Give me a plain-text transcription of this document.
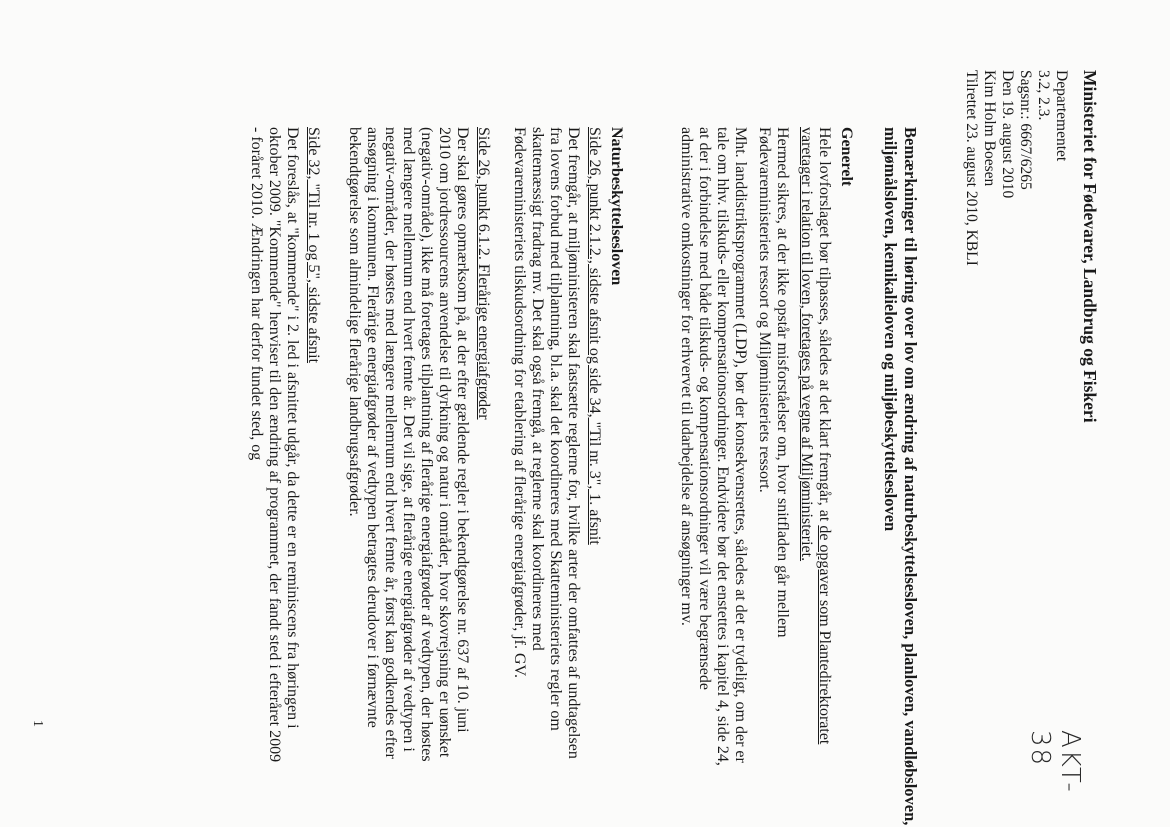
Ministeriet for Fødevarer, Landbrug og Fiskeri
Departementet
3.2, 2.3.
Sagsnr.: 6667/6265
Den 19. august 2010
Kim Holm Boesen
Tilrettet 23. august 2010, KBLI
Bemærkninger til høring over lov om ændring af naturbeskyttelsesloven, planloven, vandløbsloven, miljømålsloven, kemikalieloven og miljøbeskyttelsesloven
Generelt

Hele lovforslaget bør tilpasses, således at det klart fremgår, at de opgaver som Plantedirektoratet varetager i relation til loven, foretages på vegne af Miljøministeriet.

Hermed sikres, at der ikke opstår misforståelser om, hvor snitfladen går mellem Fødevareministeriets ressort og Miljøministeriets ressort.

Mht. landdistriktsprogrammet (LDP), bør der konsekvensrettes, således at det er tydeligt, om der er tale om hhv. tilskuds- eller kompensationsordninger. Endvidere bør det enstettes i kapitel 4, side 24, at der i forbindelse med både tilskuds- og kompensationsordninger vil være begrænsede administrative omkostninger for erhvervet til udarbejdelse af ansøgninger mv.

Naturbeskyttelsesloven
Side 26, punkt 2.1.2., sidste afsnit og side 34, "Til nr. 3", 1. afsnit

Det fremgår, at miljøministeren skal fastsætte reglerne for, hvilke arter der omfattes af undtagelsen fra lovens forbud med tilplantning, bl.a. skal det koordineres med Skatteministeriets regler om skattemæssigt fradrag mv. Det skal også fremgå, at reglerne skal koordineres med Fødevareministeriets tilskudsordning for etablering af flerårige energiafgrøder, jf. GV.

Side 26, punkt 6.1.2. Flerårige energiafgrøder

Der skal gøres opmærksom på, at der efter gældende regler i bekendtgørelse nr. 637 af 10. juni 2010 om jordressourcens anvendelse til dyrkning og natur i områder, hvor skovrejsning er uønsket (negativ-område), ikke må foretages tilplantning af flerårige energiafgrøder af vedtypen, der høstes med længere mellemrum end hvert femte år. Det vil sige, at flerårige energiafgrøder af vedtypen i negativ-områder, der høstes med længere mellemrum end hvert femte år, først kan godkendes efter ansøgning i kommunen. Flerårige energiafgrøder af vedtypen betragtes derudover i førnævnte bekendtgørelse som almindelige flerårige landbrugsafgrøder.

Side 32, "Til nr. 1 og 5", sidste afsnit

Det foreslås, at "kommende" i 2. led i afsnittet udgår, da dette er en reminiscens fra høringen i oktober 2009. "Kommende" henviser til den ændring af programmet, der fandt sted i efteråret 2009 - foråret 2010. Ændringen har derfor fundet sted, og

1
AKT-38
